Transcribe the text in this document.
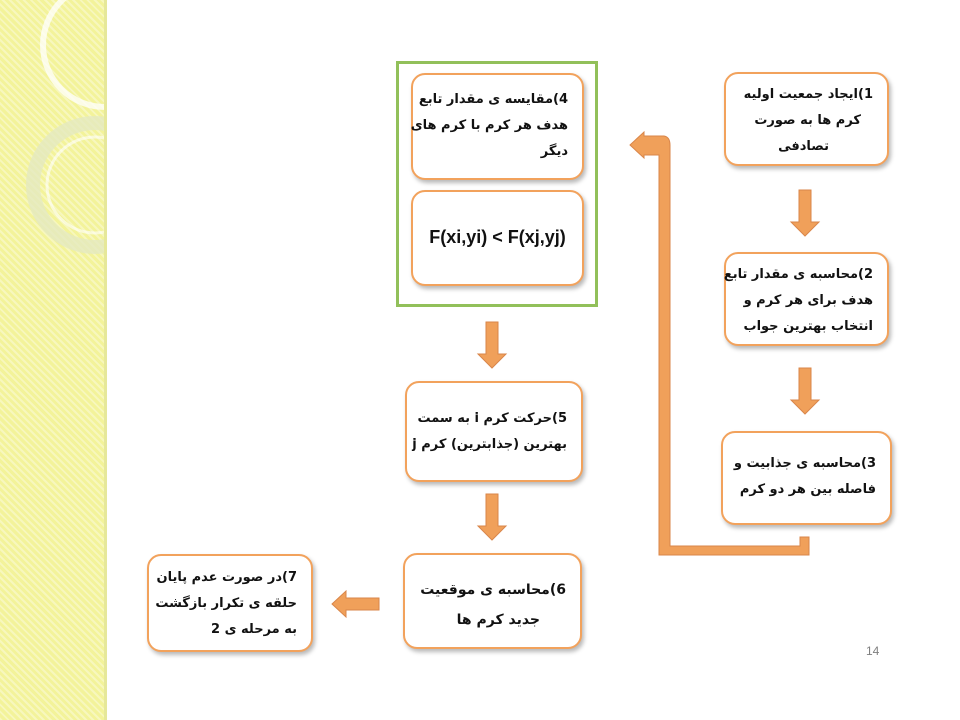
1)ایجاد جمعیت اولیه
کرم ها به صورت
تصادفی
2)محاسبه ی مقدار تابع
هدف برای هر کرم و
انتخاب بهترین جواب
3)محاسبه ی جذابیت و
فاصله بین هر دو کرم
4)مقایسه ی مقدار تابع
هدف هر کرم با کرم های
دیگر
F(xi,yi) < F(xj,yj)
5)حرکت کرم i به سمت
بهترین (جذابترین) کرم j
6)محاسبه ی موقعیت
جدید کرم ها
7)در صورت عدم پایان
حلقه ی تکرار بازگشت
به مرحله ی 2
14
